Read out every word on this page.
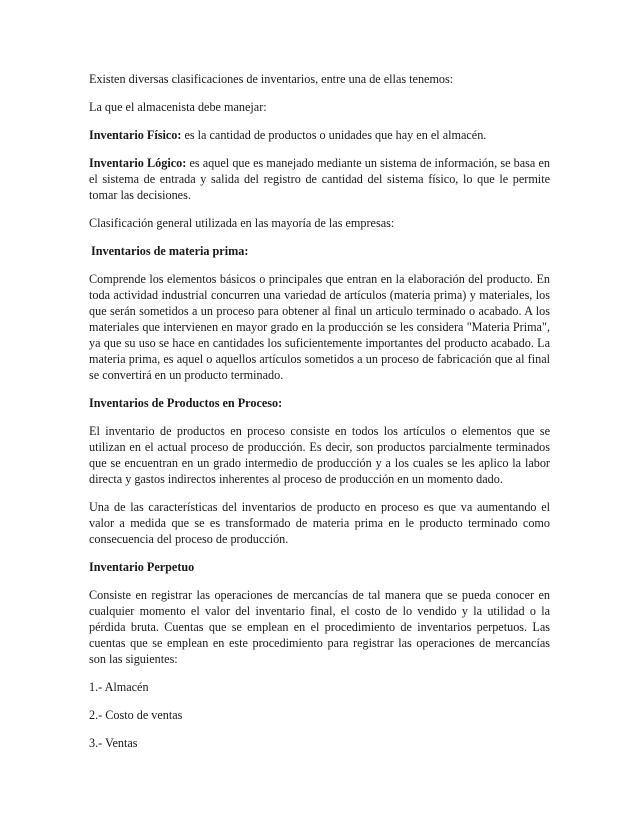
Existen diversas clasificaciones de inventarios, entre una de ellas tenemos:

La que el almacenista debe manejar:

Inventario Físico: es la cantidad de productos o unidades que hay en el almacén.

Inventario Lógico: es aquel que es manejado mediante un sistema de información, se basa en el sistema de entrada y salida del registro de cantidad del sistema físico, lo que le permite tomar las decisiones.

Clasificación general utilizada en las mayoría de las empresas:

Inventarios de materia prima:

Comprende los elementos básicos o principales que entran en la elaboración del producto. En toda actividad industrial concurren una variedad de artículos (materia prima) y materiales, los que serán sometidos a un proceso para obtener al final un articulo terminado o acabado. A los materiales que intervienen en mayor grado en la producción se les considera "Materia Prima", ya que su uso se hace en cantidades los suficientemente importantes del producto acabado. La materia prima, es aquel o aquellos artículos sometidos a un proceso de fabricación que al final se convertirá en un producto terminado.

Inventarios de Productos en Proceso:

El inventario de productos en proceso consiste en todos los artículos o elementos que se utilizan en el actual proceso de producción. Es decir, son productos parcialmente terminados que se encuentran en un grado intermedio de producción y a los cuales se les aplico la labor directa y gastos indirectos inherentes al proceso de producción en un momento dado.

Una de las características del inventarios de producto en proceso es que va aumentando el valor a medida que se es transformado de materia prima en le producto terminado como consecuencia del proceso de producción.

Inventario Perpetuo

Consiste en registrar las operaciones de mercancías de tal manera que se pueda conocer en cualquier momento el valor del inventario final, el costo de lo vendido y la utilidad o la pérdida bruta. Cuentas que se emplean en el procedimiento de inventarios perpetuos. Las cuentas que se emplean en este procedimiento para registrar las operaciones de mercancías son las siguientes:

1.- Almacén

2.- Costo de ventas

3.- Ventas
